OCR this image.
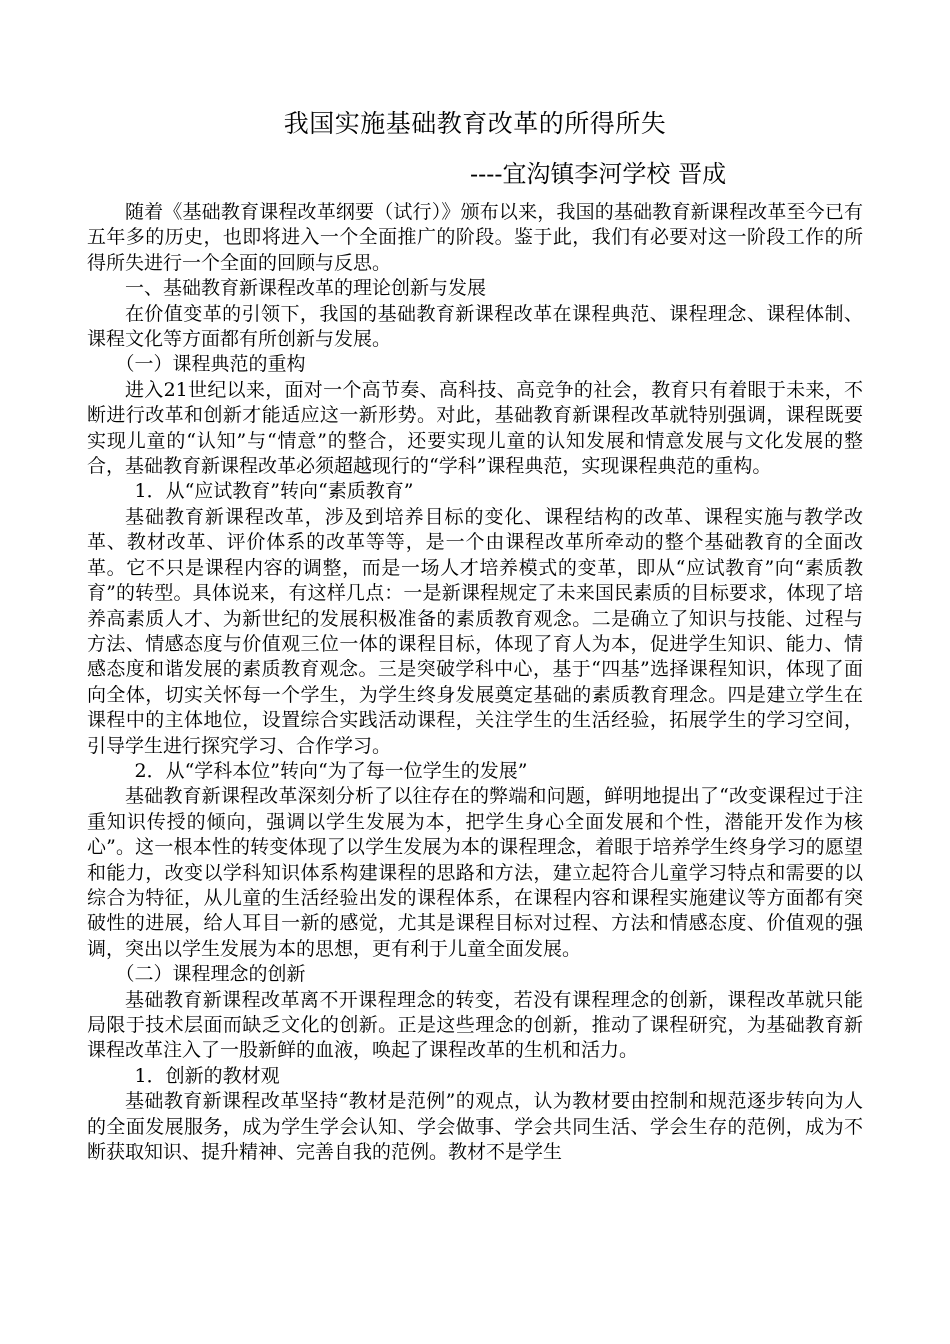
我国实施基础教育改革的所得所失
----宜沟镇李河学校 晋成

随着《基础教育课程改革纲要（试行）》颁布以来，我国的基础教育新课程改革至今已有五年多的历史，也即将进入一个全面推广的阶段。鉴于此，我们有必要对这一阶段工作的所得所失进行一个全面的回顾与反思。

一、基础教育新课程改革的理论创新与发展

在价值变革的引领下，我国的基础教育新课程改革在课程典范、课程理念、课程体制、课程文化等方面都有所创新与发展。

（一）课程典范的重构

进入21世纪以来，面对一个高节奏、高科技、高竞争的社会，教育只有着眼于未来，不断进行改革和创新才能适应这一新形势。对此，基础教育新课程改革就特别强调，课程既要实现儿童的“认知”与“情意”的整合，还要实现儿童的认知发展和情意发展与文化发展的整合，基础教育新课程改革必须超越现行的“学科”课程典范，实现课程典范的重构。

1．从“应试教育”转向“素质教育”

基础教育新课程改革，涉及到培养目标的变化、课程结构的改革、课程实施与教学改革、教材改革、评价体系的改革等等，是一个由课程改革所牵动的整个基础教育的全面改革。它不只是课程内容的调整，而是一场人才培养模式的变革，即从“应试教育”向“素质教育”的转型。具体说来，有这样几点：一是新课程规定了未来国民素质的目标要求，体现了培养高素质人才、为新世纪的发展积极准备的素质教育观念。二是确立了知识与技能、过程与方法、情感态度与价值观三位一体的课程目标，体现了育人为本，促进学生知识、能力、情感态度和谐发展的素质教育观念。三是突破学科中心，基于“四基”选择课程知识，体现了面向全体，切实关怀每一个学生，为学生终身发展奠定基础的素质教育理念。四是建立学生在课程中的主体地位，设置综合实践活动课程，关注学生的生活经验，拓展学生的学习空间，引导学生进行探究学习、合作学习。

2．从“学科本位”转向“为了每一位学生的发展”

基础教育新课程改革深刻分析了以往存在的弊端和问题，鲜明地提出了“改变课程过于注重知识传授的倾向，强调以学生发展为本，把学生身心全面发展和个性，潜能开发作为核心”。这一根本性的转变体现了以学生发展为本的课程理念，着眼于培养学生终身学习的愿望和能力，改变以学科知识体系构建课程的思路和方法，建立起符合儿童学习特点和需要的以综合为特征，从儿童的生活经验出发的课程体系，在课程内容和课程实施建议等方面都有突破性的进展，给人耳目一新的感觉，尤其是课程目标对过程、方法和情感态度、价值观的强调，突出以学生发展为本的思想，更有利于儿童全面发展。

（二）课程理念的创新

基础教育新课程改革离不开课程理念的转变，若没有课程理念的创新，课程改革就只能局限于技术层面而缺乏文化的创新。正是这些理念的创新，推动了课程研究，为基础教育新课程改革注入了一股新鲜的血液，唤起了课程改革的生机和活力。

1．创新的教材观

基础教育新课程改革坚持“教材是范例”的观点，认为教材要由控制和规范逐步转向为人的全面发展服务，成为学生学会认知、学会做事、学会共同生活、学会生存的范例，成为不断获取知识、提升精神、完善自我的范例。教材不是学生
